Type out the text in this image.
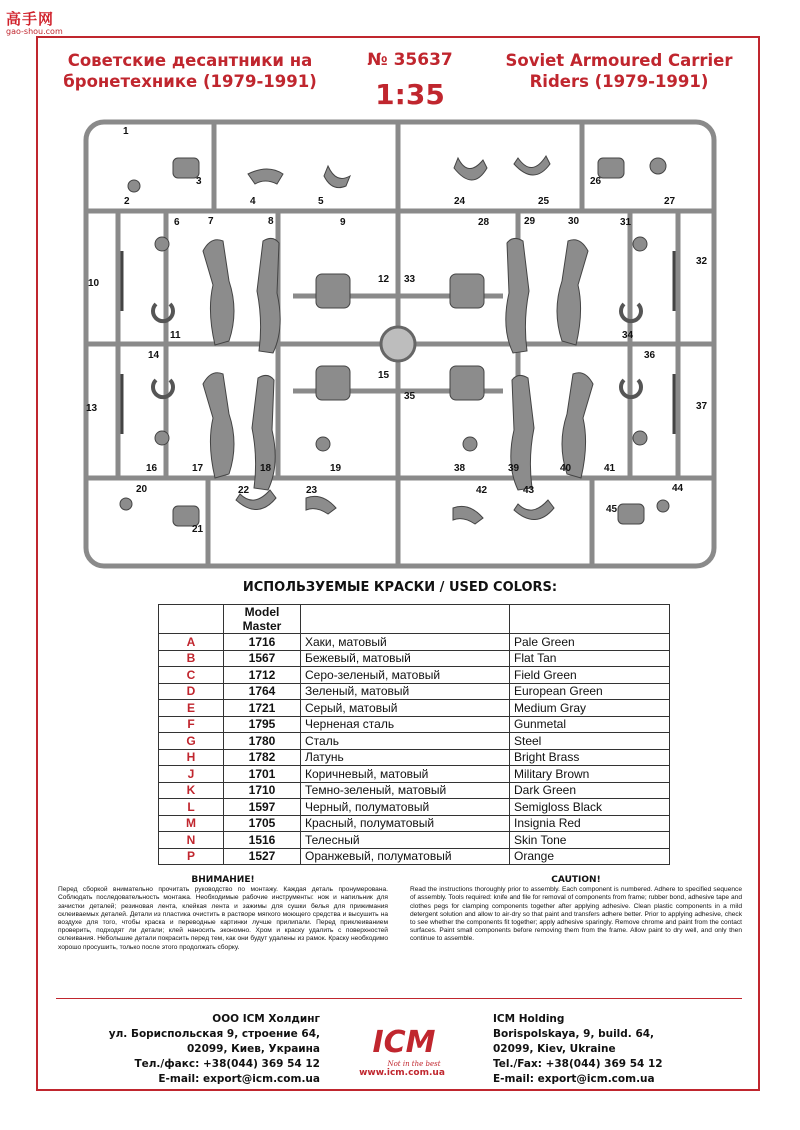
高手网
gao-shou.com
Советские десантники на бронетехнике (1979-1991)
№ 35637
1:35
Soviet Armoured Carrier Riders (1979-1991)
1
2
3
4	5
6	7	8	9
10
11
12
13
14
15
16	17	18	19
20
21
22	23
24	25
26
27
28	29	30	31
32
33
34
35
36
37
38	39	40	41
42	43	44
45
ИСПОЛЬЗУЕМЫЕ КРАСКИ / USED COLORS:
	Model Master		
A	1716	Хаки, матовый	Pale Green
B	1567	Бежевый, матовый	Flat Tan
C	1712	Серо-зеленый, матовый	Field Green
D	1764	Зеленый, матовый	European Green
E	1721	Серый, матовый	Medium Gray
F	1795	Черненая сталь	Gunmetal
G	1780	Сталь	Steel
H	1782	Латунь	Bright Brass
J	1701	Коричневый, матовый	Military Brown
K	1710	Темно-зеленый, матовый	Dark Green
L	1597	Черный, полуматовый	Semigloss Black
M	1705	Красный, полуматовый	Insignia Red
N	1516	Телесный	Skin Tone
P	1527	Оранжевый, полуматовый	Orange
ВНИМАНИЕ!
Перед сборкой внимательно прочитать руководство по монтажу. Каждая деталь пронумерована. Соблюдать последовательность монтажа. Необходимые рабочие инструменты: нож и напильник для зачистки деталей; резиновая лента, клейкая лента и зажимы для сушки белья для прижимания склеиваемых деталей. Детали из пластика очистить в растворе мягкого моющего средства и высушить на воздухе для того, чтобы краска и переводные картинки лучше прилипали. Перед приклеиванием проверить, подходят ли детали; клей наносить экономно. Хром и краску удалить с поверхностей склеивания. Небольшие детали покрасить перед тем, как они будут удалены из рамок. Краску необходимо хорошо просушить, только после этого продолжать сборку.
CAUTION!
Read the instructions thoroughly prior to assembly. Each component is numbered. Adhere to specified sequence of assembly. Tools required: knife and file for removal of components from frame; rubber bond, adhesive tape and clothes pegs for clamping components together after applying adhesive. Clean plastic components in a mild detergent solution and allow to air-dry so that paint and transfers adhere better. Prior to applying adhesive, check to see whether the components fit together; apply adhesive sparingly. Remove chrome and paint from the contact surfaces. Paint small components before removing them from the frame. Allow paint to dry well, and only then continue to assemble.
ООО ICM Холдинг
ул. Бориспольская 9, строение 64,
02099, Киев, Украина
Тел./факс: +38(044) 369 54 12
E-mail: export@icm.com.ua
ICM
Not in the best
www.icm.com.ua
ICM Holding
Borispolskaya, 9, build. 64,
02099, Kiev, Ukraine
Tel./Fax: +38(044) 369 54 12
E-mail: export@icm.com.ua
